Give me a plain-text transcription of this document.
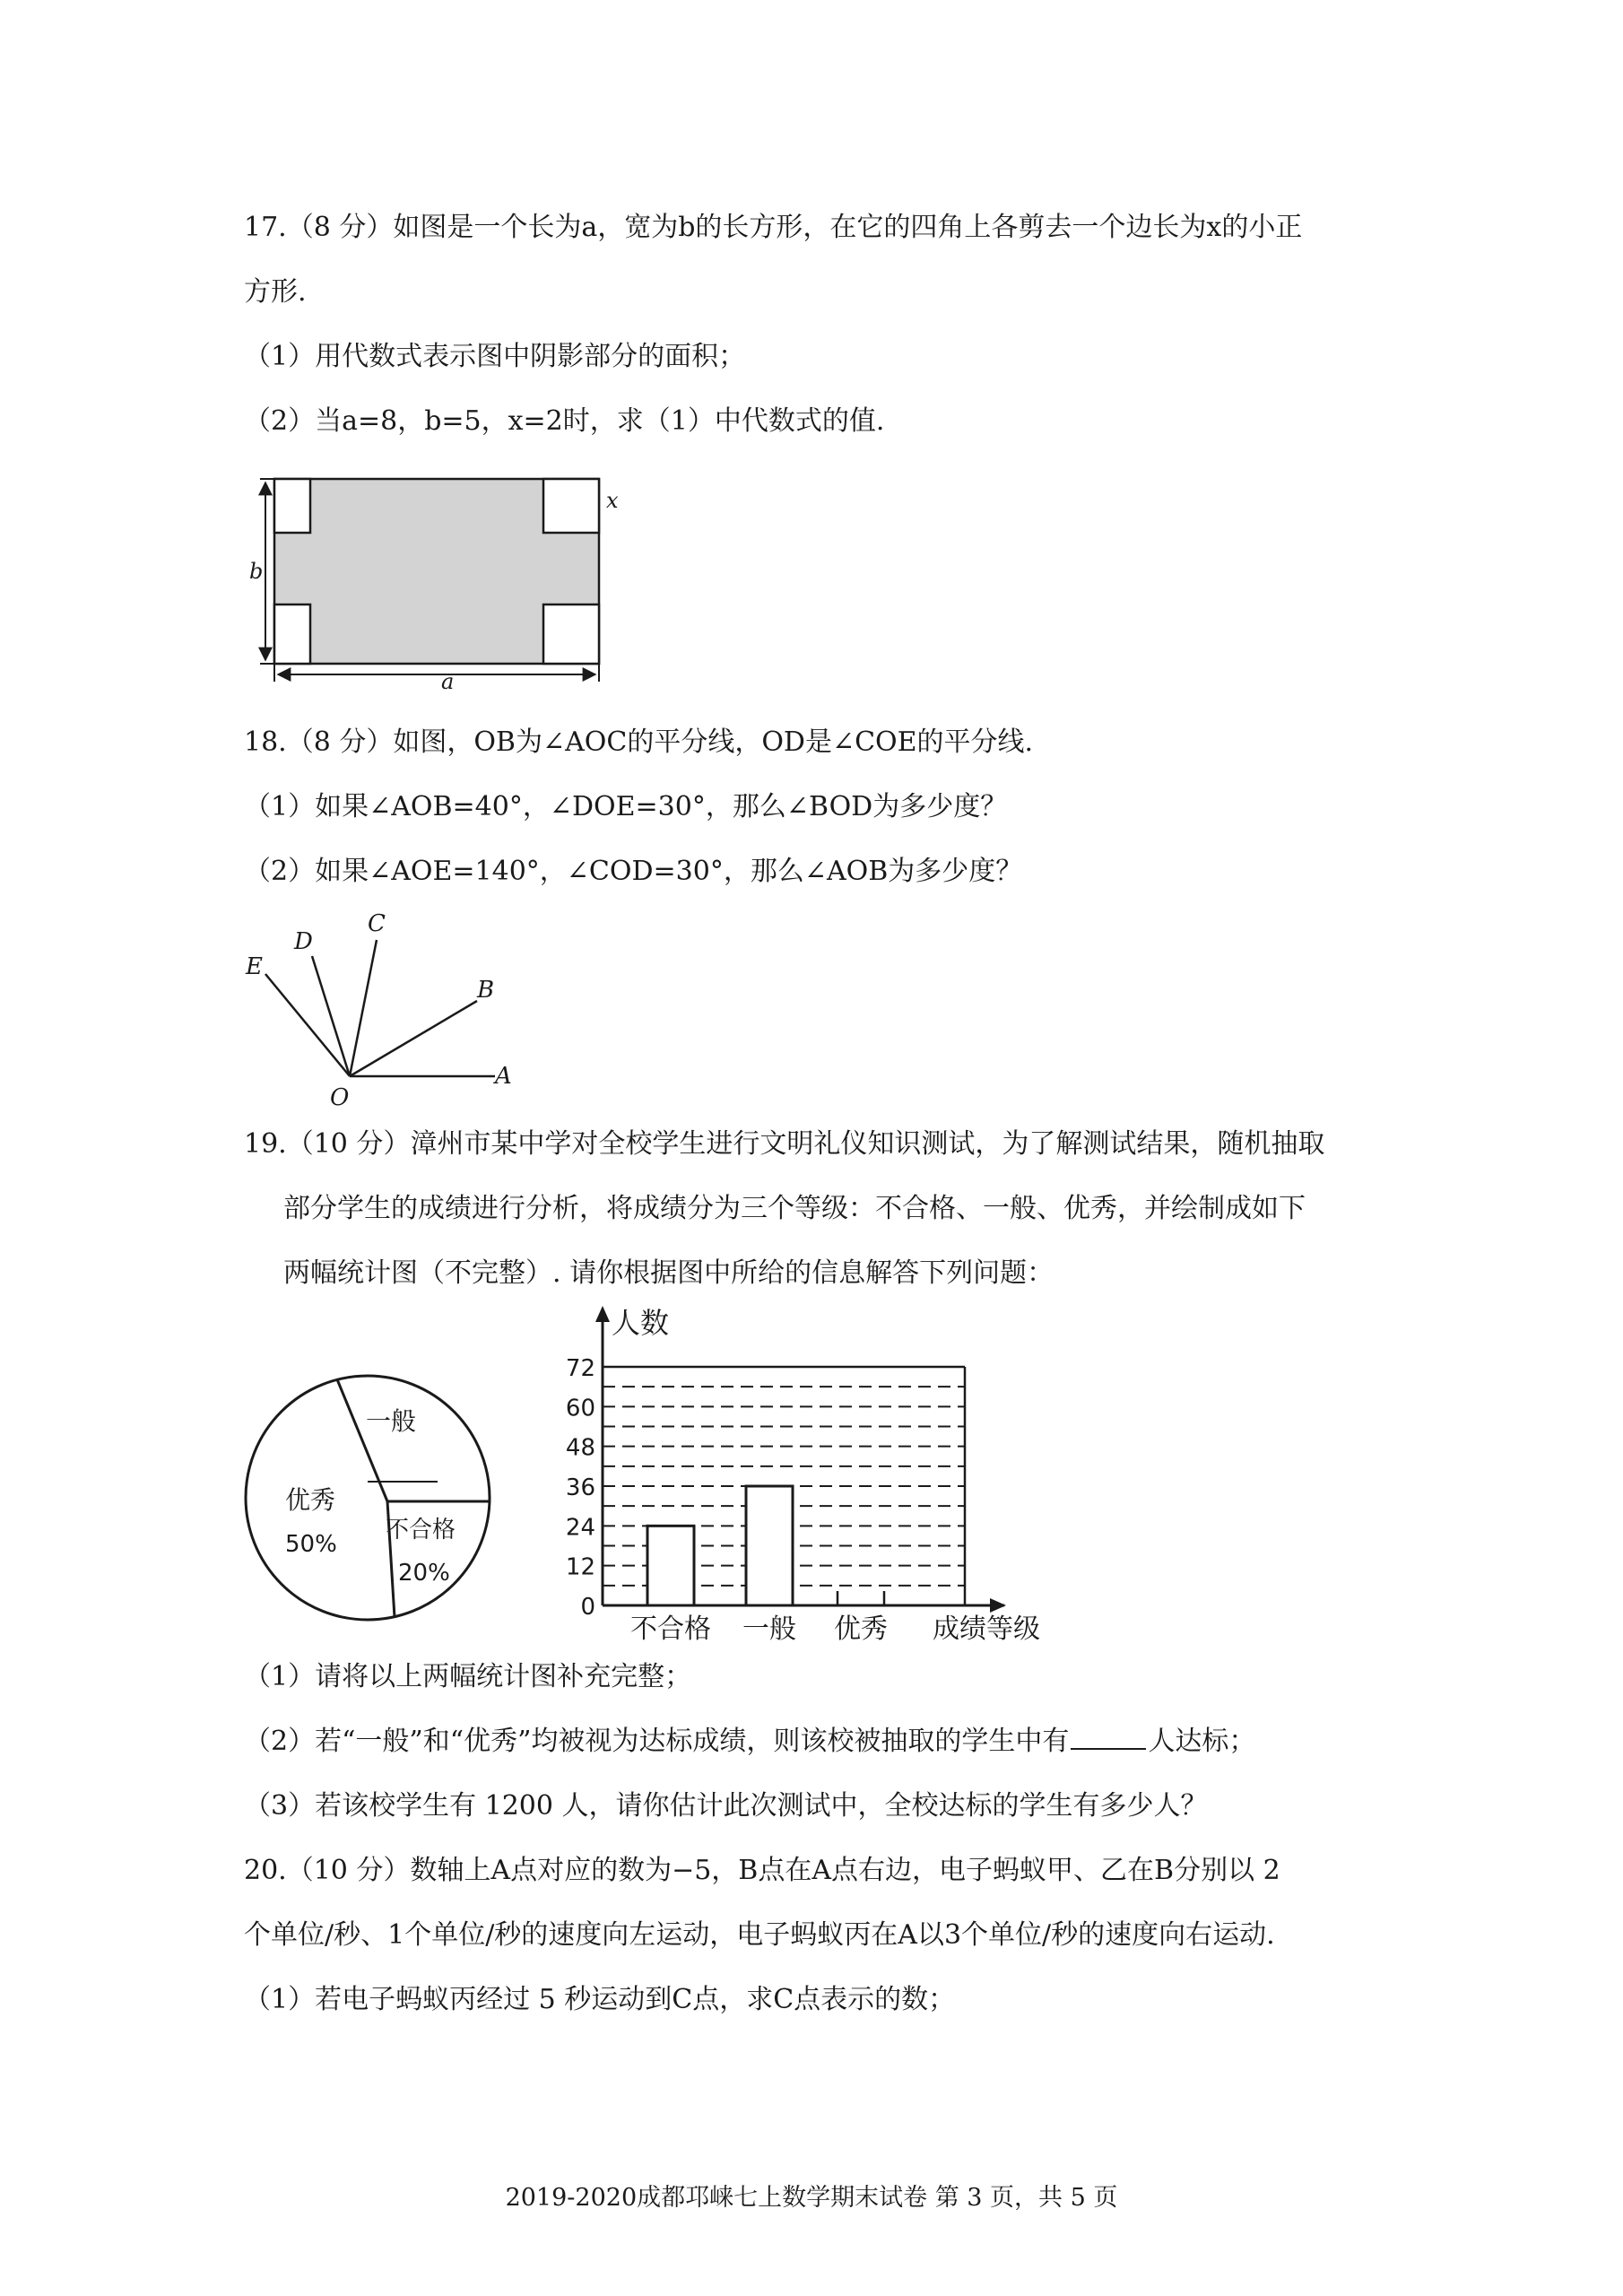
17.（8 分）如图是一个长为a，宽为b的长方形，在它的四角上各剪去一个边长为x的小正
方形.
（1）用代数式表示图中阴影部分的面积；
（2）当a=8，b=5，x=2时，求（1）中代数式的值.
b
a
x
18.（8 分）如图，OB为∠AOC的平分线，OD是∠COE的平分线.
（1）如果∠AOB=40°，∠DOE=30°，那么∠BOD为多少度？
（2）如果∠AOE=140°，∠COD=30°，那么∠AOB为多少度？
E
D
C
B
A
O
19.（10 分）漳州市某中学对全校学生进行文明礼仪知识测试，为了解测试结果，随机抽取
部分学生的成绩进行分析，将成绩分为三个等级：不合格、一般、优秀，并绘制成如下
两幅统计图（不完整）. 请你根据图中所给的信息解答下列问题：
一般
优秀
50%
不合格
20%
0
12
24
36
48
60
72
不合格 一般 优秀
人数
成绩等级
（1）请将以上两幅统计图补充完整；
（2）若“一般”和“优秀”均被视为达标成绩，则该校被抽取的学生中有	人达标；
（3）若该校学生有 1200 人，请你估计此次测试中，全校达标的学生有多少人？
20.（10 分）数轴上A点对应的数为−5，B点在A点右边，电子蚂蚁甲、乙在B分别以 2
个单位/秒、1个单位/秒的速度向左运动，电子蚂蚁丙在A以3个单位/秒的速度向右运动.
（1）若电子蚂蚁丙经过 5 秒运动到C点，求C点表示的数；
2019-2020成都邛崃七上数学期末试卷 第 3 页，共 5 页
